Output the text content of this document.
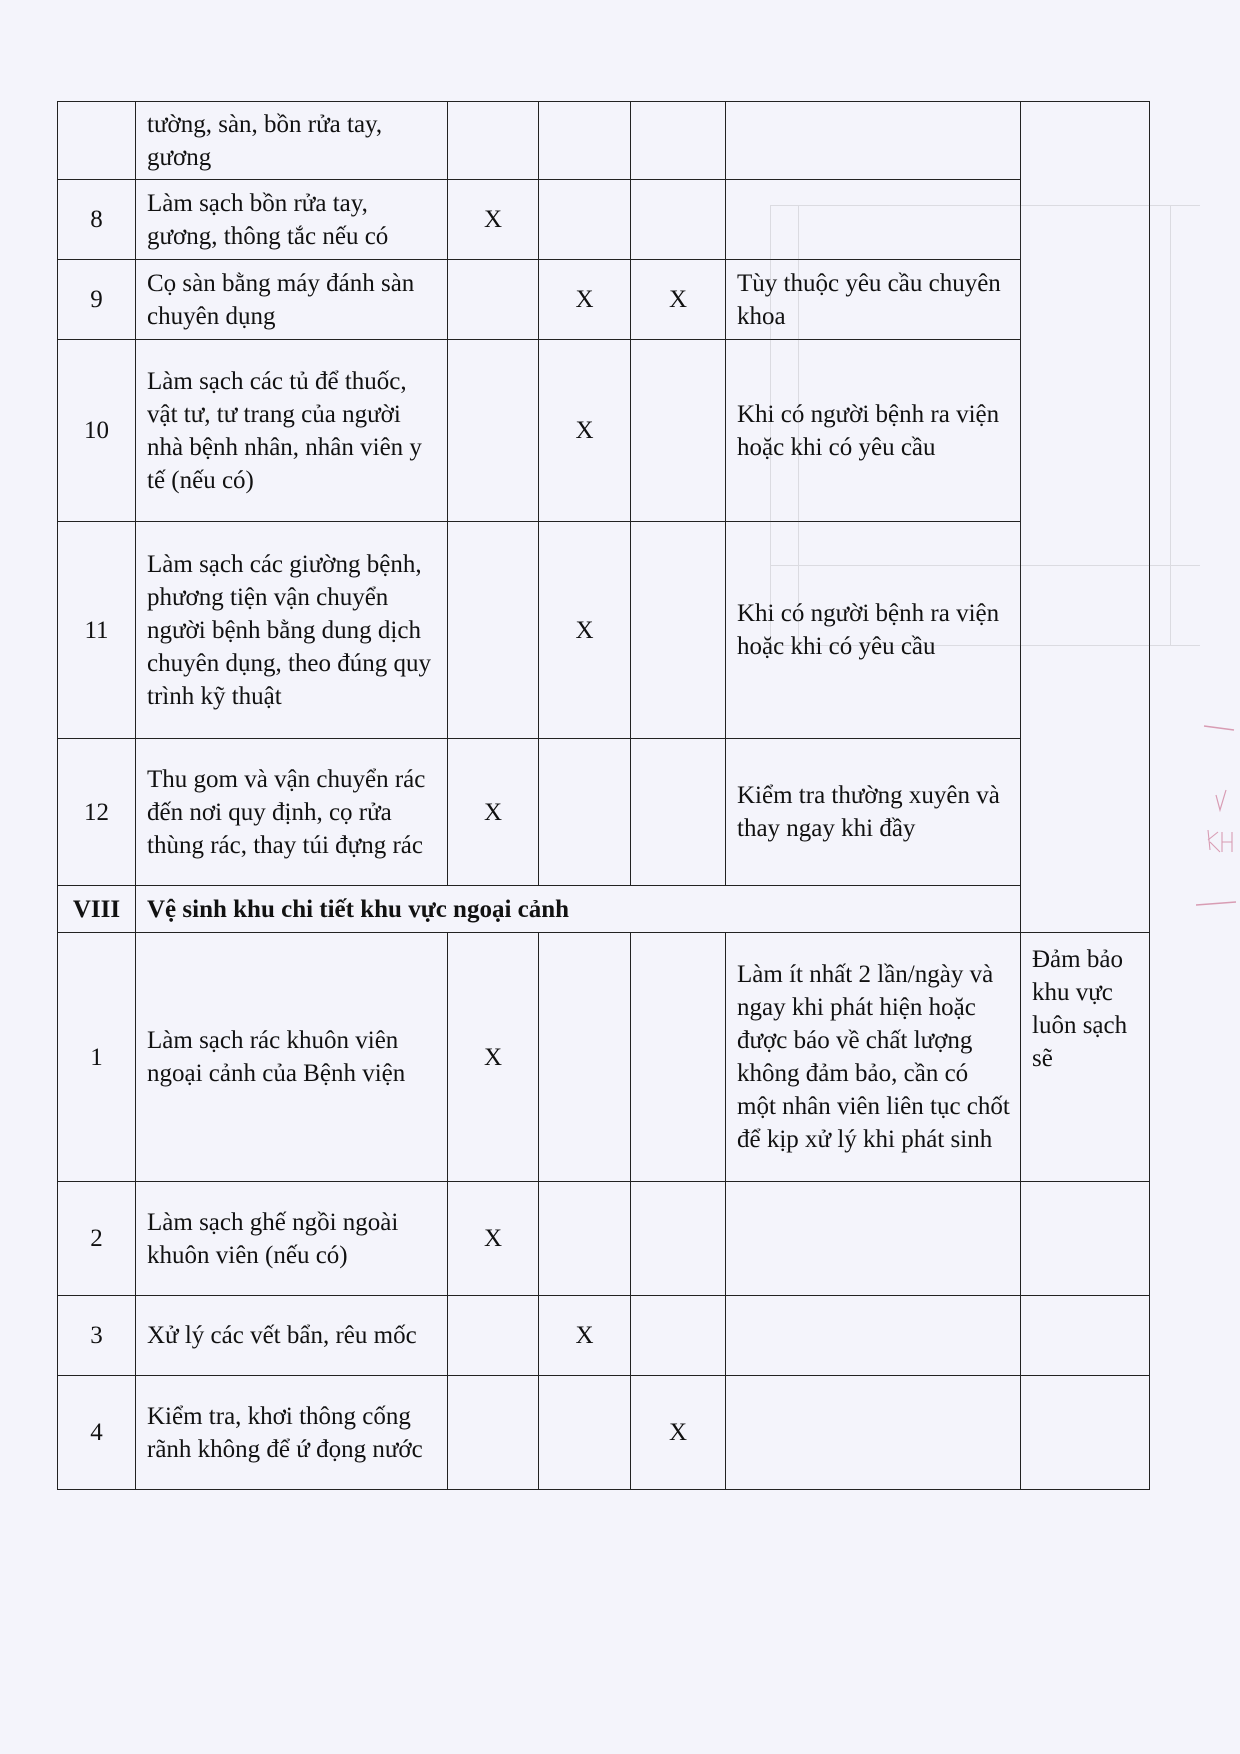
	tường, sàn, bồn rửa tay, gương					
8	Làm sạch bồn rửa tay, gương, thông tắc nếu có	X				
9	Cọ sàn bằng máy đánh sàn chuyên dụng		X	X	Tùy thuộc yêu cầu chuyên khoa	
10	Làm sạch các tủ để thuốc, vật tư, tư trang của người nhà bệnh nhân, nhân viên y tế (nếu có)		X		Khi có người bệnh ra viện hoặc khi có yêu cầu	
11	Làm sạch các giường bệnh, phương tiện vận chuyển người bệnh bằng dung dịch chuyên dụng, theo đúng quy trình kỹ thuật		X		Khi có người bệnh ra viện hoặc khi có yêu cầu	
12	Thu gom và vận chuyển rác đến nơi quy định, cọ rửa thùng rác, thay túi đựng rác	X			Kiểm tra thường xuyên và thay ngay khi đầy	
VIII	Vệ sinh khu chi tiết khu vực ngoại cảnh					
1	Làm sạch rác khuôn viên ngoại cảnh của Bệnh viện	X			Làm ít nhất 2 lần/ngày và ngay khi phát hiện hoặc được báo về chất lượng không đảm bảo, cần có một nhân viên liên tục chốt để kịp xử lý khi phát sinh	Đảm bảo khu vực luôn sạch sẽ
2	Làm sạch ghế ngồi ngoài khuôn viên (nếu có)	X				
3	Xử lý các vết bẩn, rêu mốc		X			
4	Kiểm tra, khơi thông cống rãnh không để ứ đọng nước			X		
